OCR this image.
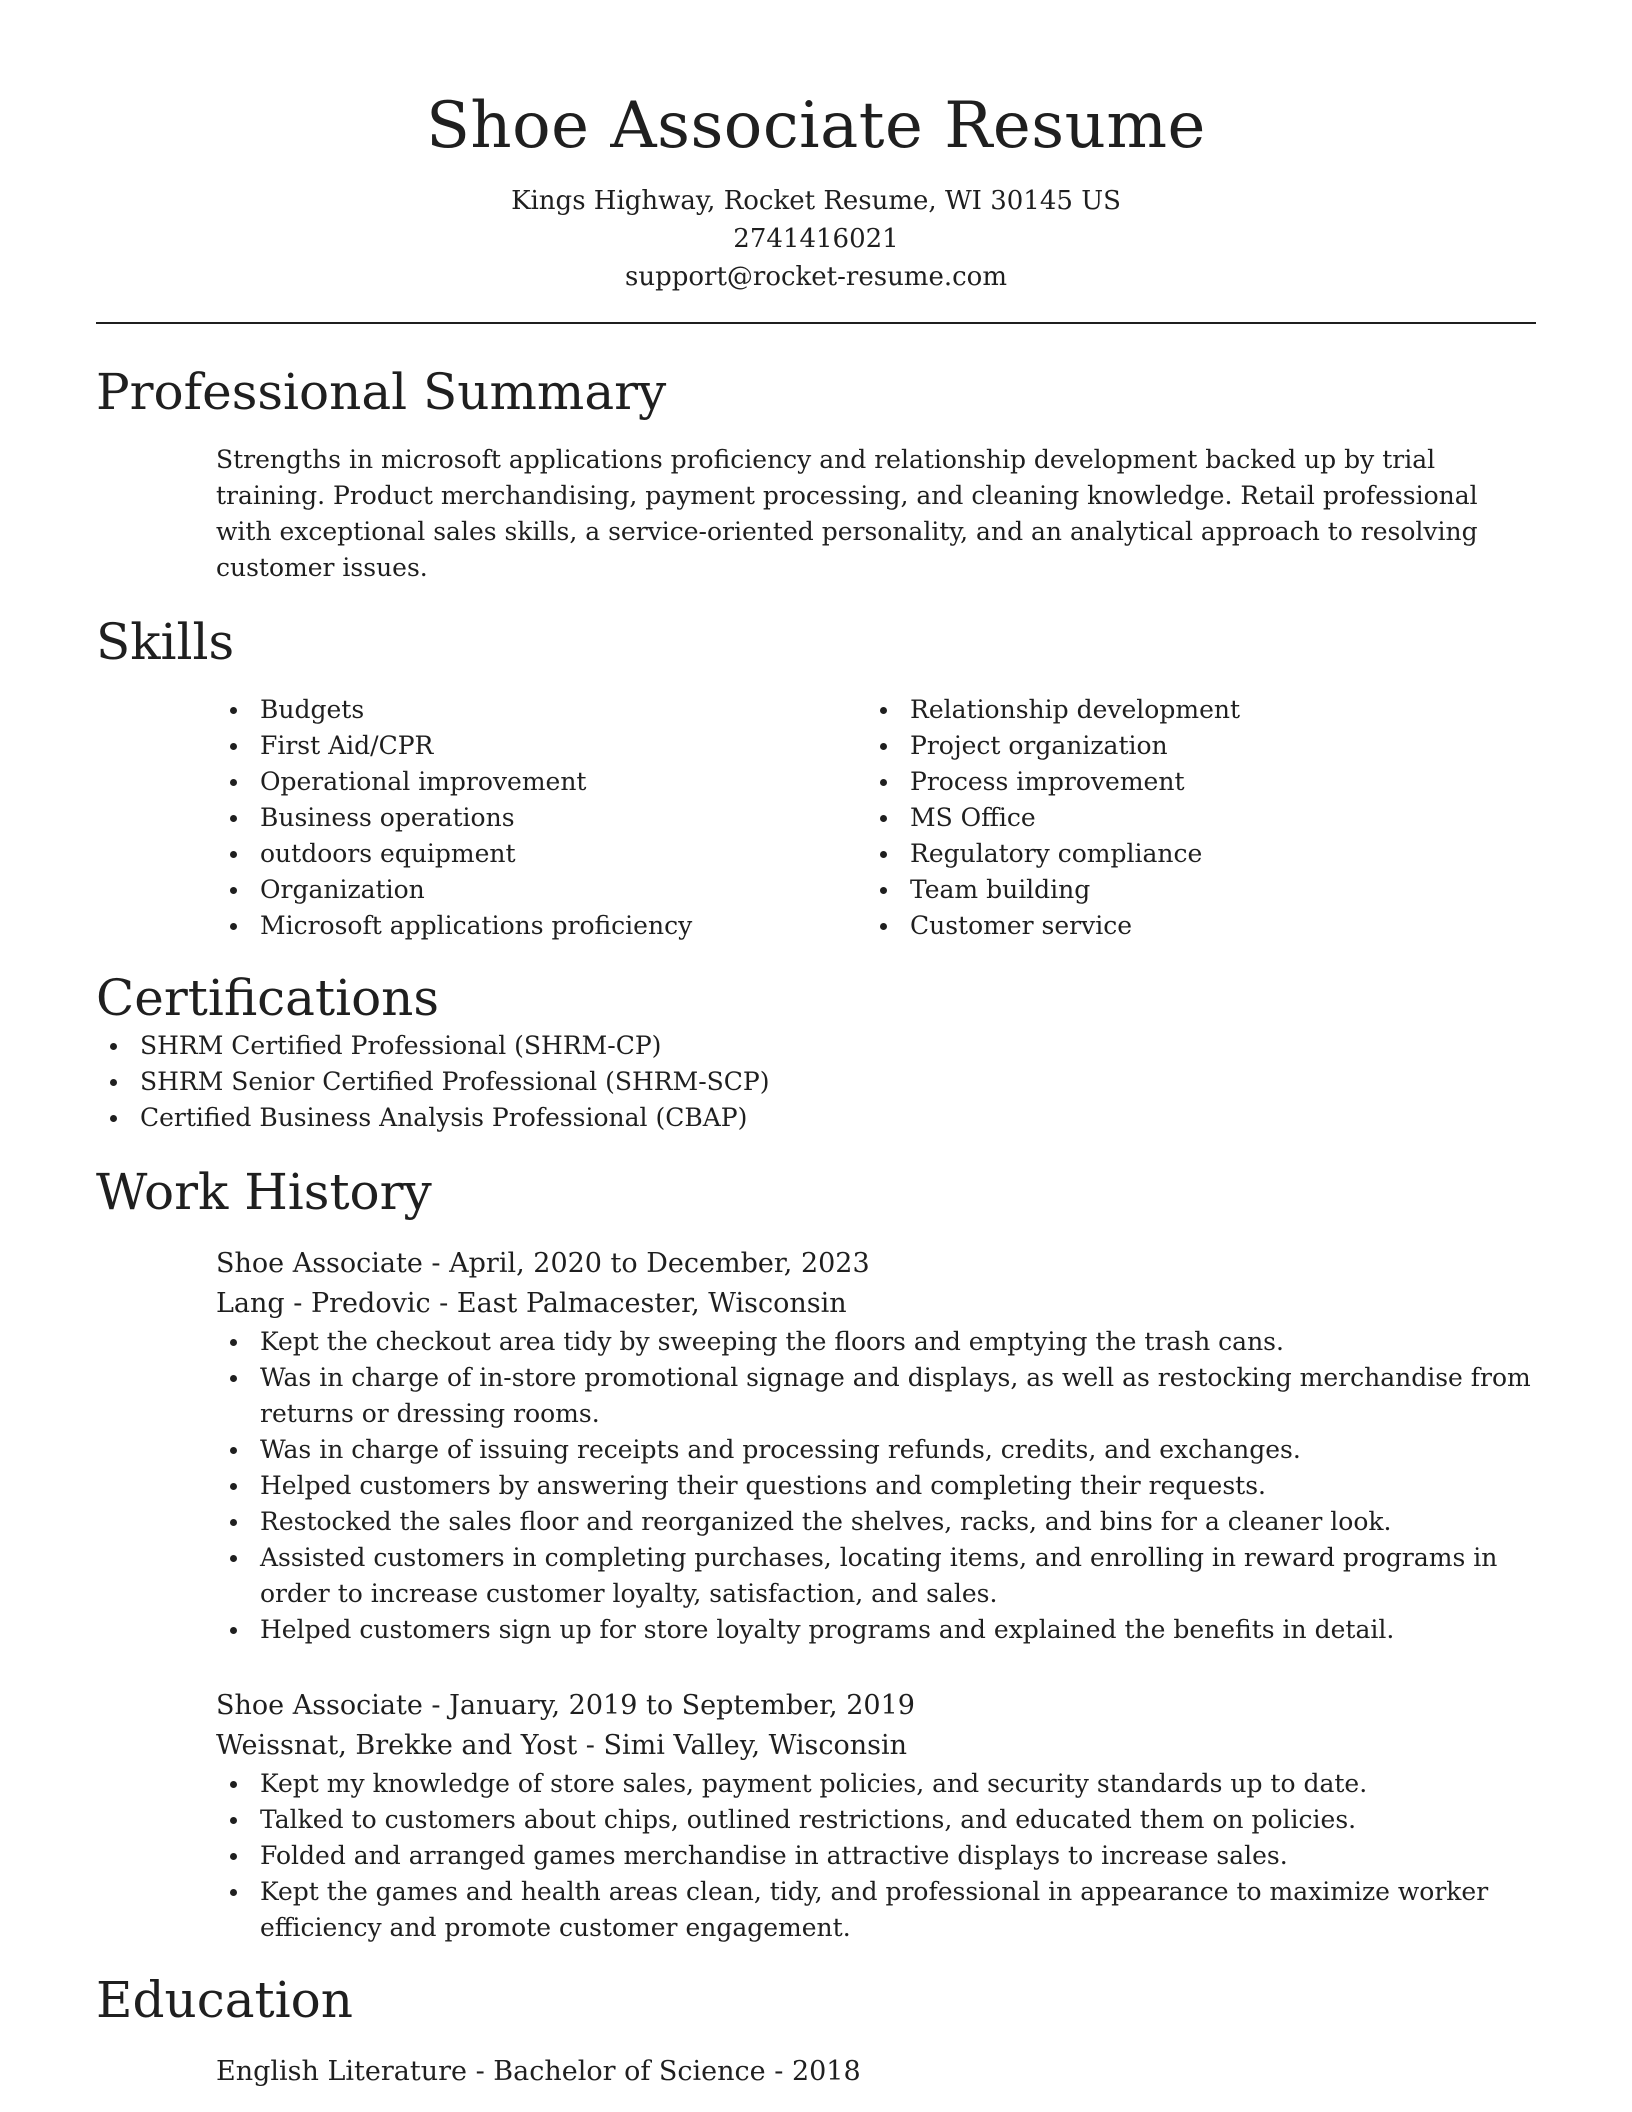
Shoe Associate Resume
Kings Highway, Rocket Resume, WI 30145 US
2741416021
support@rocket-resume.com
Professional Summary
Strengths in microsoft applications proficiency and relationship development backed up by trial training. Product merchandising, payment processing, and cleaning knowledge. Retail professional with exceptional sales skills, a service-oriented personality, and an analytical approach to resolving customer issues.
Skills
Budgets
First Aid/CPR
Operational improvement
Business operations
outdoors equipment
Organization
Microsoft applications proficiency
Relationship development
Project organization
Process improvement
MS Office
Regulatory compliance
Team building
Customer service
Certifications
SHRM Certified Professional (SHRM-CP)
SHRM Senior Certified Professional (SHRM-SCP)
Certified Business Analysis Professional (CBAP)
Work History
Shoe Associate - April, 2020 to December, 2023
Lang - Predovic - East Palmacester, Wisconsin
Kept the checkout area tidy by sweeping the floors and emptying the trash cans.
Was in charge of in-store promotional signage and displays, as well as restocking merchandise from returns or dressing rooms.
Was in charge of issuing receipts and processing refunds, credits, and exchanges.
Helped customers by answering their questions and completing their requests.
Restocked the sales floor and reorganized the shelves, racks, and bins for a cleaner look.
Assisted customers in completing purchases, locating items, and enrolling in reward programs in order to increase customer loyalty, satisfaction, and sales.
Helped customers sign up for store loyalty programs and explained the benefits in detail.
Shoe Associate - January, 2019 to September, 2019
Weissnat, Brekke and Yost - Simi Valley, Wisconsin
Kept my knowledge of store sales, payment policies, and security standards up to date.
Talked to customers about chips, outlined restrictions, and educated them on policies.
Folded and arranged games merchandise in attractive displays to increase sales.
Kept the games and health areas clean, tidy, and professional in appearance to maximize worker efficiency and promote customer engagement.
Education
English Literature - Bachelor of Science - 2018
